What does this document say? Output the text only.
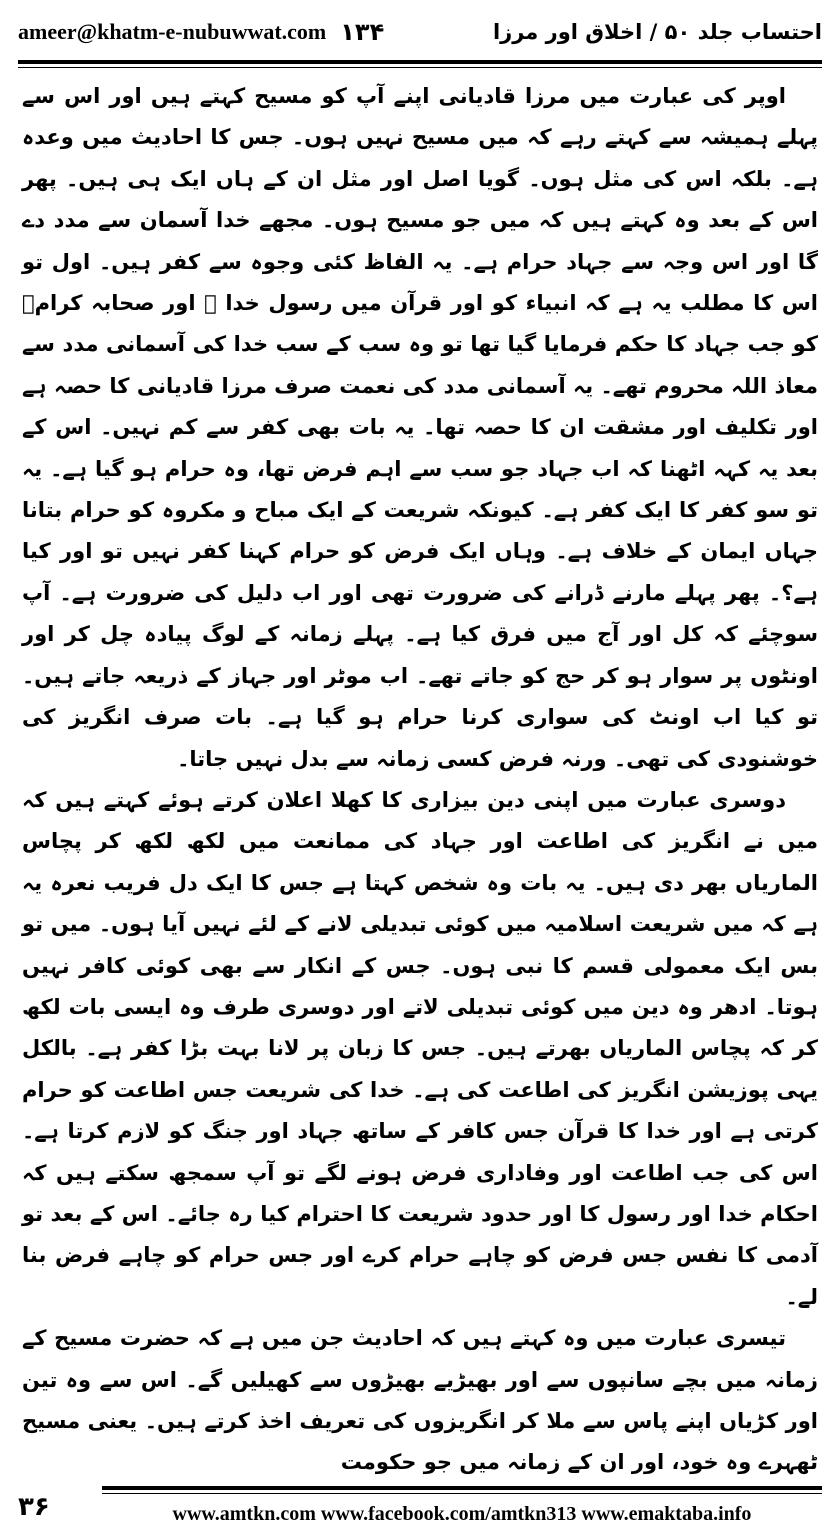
ameer@khatm-e-nubuwwat.com ۱۳۴	احتساب جلد ۵۰ / اخلاق اور مرزا

اوپر کی عبارت میں مرزا قادیانی اپنے آپ کو مسیح کہتے ہیں اور اس سے پہلے ہمیشہ سے کہتے رہے کہ میں مسیح نہیں ہوں۔ جس کا احادیث میں وعدہ ہے۔ بلکہ اس کی مثل ہوں۔ گویا اصل اور مثل ان کے ہاں ایک ہی ہیں۔ پھر اس کے بعد وہ کہتے ہیں کہ میں جو مسیح ہوں۔ مجھے خدا آسمان سے مدد دے گا اور اس وجہ سے جہاد حرام ہے۔ یہ الفاظ کئی وجوہ سے کفر ہیں۔ اول تو اس کا مطلب یہ ہے کہ انبیاء کو اور قرآن میں رسول خدا ﷺ اور صحابہ کرامؓ کو جب جہاد کا حکم فرمایا گیا تھا تو وہ سب کے سب خدا کی آسمانی مدد سے معاذ اللہ محروم تھے۔ یہ آسمانی مدد کی نعمت صرف مرزا قادیانی کا حصہ ہے اور تکلیف اور مشقت ان کا حصہ تھا۔ یہ بات بھی کفر سے کم نہیں۔ اس کے بعد یہ کہہ اٹھنا کہ اب جہاد جو سب سے اہم فرض تھا، وہ حرام ہو گیا ہے۔ یہ تو سو کفر کا ایک کفر ہے۔ کیونکہ شریعت کے ایک مباح و مکروہ کو حرام بتانا جہاں ایمان کے خلاف ہے۔ وہاں ایک فرض کو حرام کہنا کفر نہیں تو اور کیا ہے؟۔ پھر پہلے مارنے ڈرانے کی ضرورت تھی اور اب دلیل کی ضرورت ہے۔ آپ سوچئے کہ کل اور آج میں فرق کیا ہے۔ پہلے زمانہ کے لوگ پیادہ چل کر اور اونٹوں پر سوار ہو کر حج کو جاتے تھے۔ اب موٹر اور جہاز کے ذریعہ جاتے ہیں۔ تو کیا اب اونٹ کی سواری کرنا حرام ہو گیا ہے۔ بات صرف انگریز کی خوشنودی کی تھی۔ ورنہ فرض کسی زمانہ سے بدل نہیں جاتا۔

دوسری عبارت میں اپنی دین بیزاری کا کھلا اعلان کرتے ہوئے کہتے ہیں کہ میں نے انگریز کی اطاعت اور جہاد کی ممانعت میں لکھ لکھ کر پچاس الماریاں بھر دی ہیں۔ یہ بات وہ شخص کہتا ہے جس کا ایک دل فریب نعرہ یہ ہے کہ میں شریعت اسلامیہ میں کوئی تبدیلی لانے کے لئے نہیں آیا ہوں۔ میں تو بس ایک معمولی قسم کا نبی ہوں۔ جس کے انکار سے بھی کوئی کافر نہیں ہوتا۔ ادھر وہ دین میں کوئی تبدیلی لاتے اور دوسری طرف وہ ایسی بات لکھ کر کہ پچاس الماریاں بھرتے ہیں۔ جس کا زبان پر لانا بہت بڑا کفر ہے۔ بالکل یہی پوزیشن انگریز کی اطاعت کی ہے۔ خدا کی شریعت جس اطاعت کو حرام کرتی ہے اور خدا کا قرآن جس کافر کے ساتھ جہاد اور جنگ کو لازم کرتا ہے۔ اس کی جب اطاعت اور وفاداری فرض ہونے لگے تو آپ سمجھ سکتے ہیں کہ احکام خدا اور رسول کا اور حدود شریعت کا احترام کیا رہ جائے۔ اس کے بعد تو آدمی کا نفس جس فرض کو چاہے حرام کرے اور جس حرام کو چاہے فرض بنا لے۔

تیسری عبارت میں وہ کہتے ہیں کہ احادیث جن میں ہے کہ حضرت مسیح کے زمانہ میں بچے سانپوں سے اور بھیڑیے بھیڑوں سے کھیلیں گے۔ اس سے وہ تین اور کڑیاں اپنے پاس سے ملا کر انگریزوں کی تعریف اخذ کرتے ہیں۔ یعنی مسیح ٹھہرے وہ خود، اور ان کے زمانہ میں جو حکومت

۳۶	www.amtkn.com www.facebook.com/amtkn313 www.emaktaba.info
